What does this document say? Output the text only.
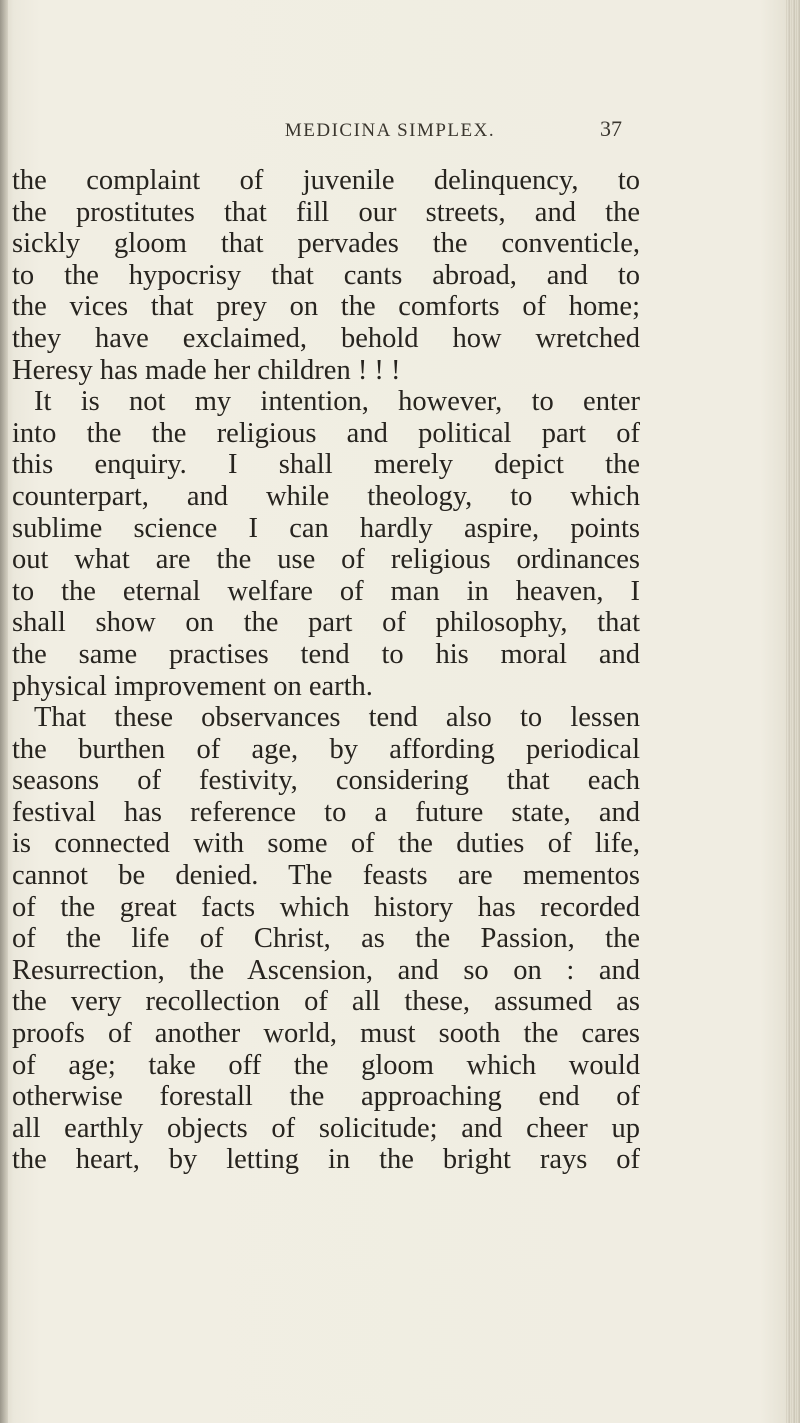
MEDICINA SIMPLEX.	37
the complaint of juvenile delinquency, to
the prostitutes that fill our streets, and the
sickly gloom that pervades the conventicle,
to the hypocrisy that cants abroad, and to
the vices that prey on the comforts of home;
they have exclaimed, behold how wretched
Heresy has made her children ! ! !
It is not my intention, however, to enter
into the the religious and political part of
this enquiry. I shall merely depict the
counterpart, and while theology, to which
sublime science I can hardly aspire, points
out what are the use of religious ordinances
to the eternal welfare of man in heaven, I
shall show on the part of philosophy, that
the same practises tend to his moral and
physical improvement on earth.
That these observances tend also to lessen
the burthen of age, by affording periodical
seasons of festivity, considering that each
festival has reference to a future state, and
is connected with some of the duties of life,
cannot be denied. The feasts are mementos
of the great facts which history has recorded
of the life of Christ, as the Passion, the
Resurrection, the Ascension, and so on : and
the very recollection of all these, assumed as
proofs of another world, must sooth the cares
of age; take off the gloom which would
otherwise forestall the approaching end of
all earthly objects of solicitude; and cheer up
the heart, by letting in the bright rays of
